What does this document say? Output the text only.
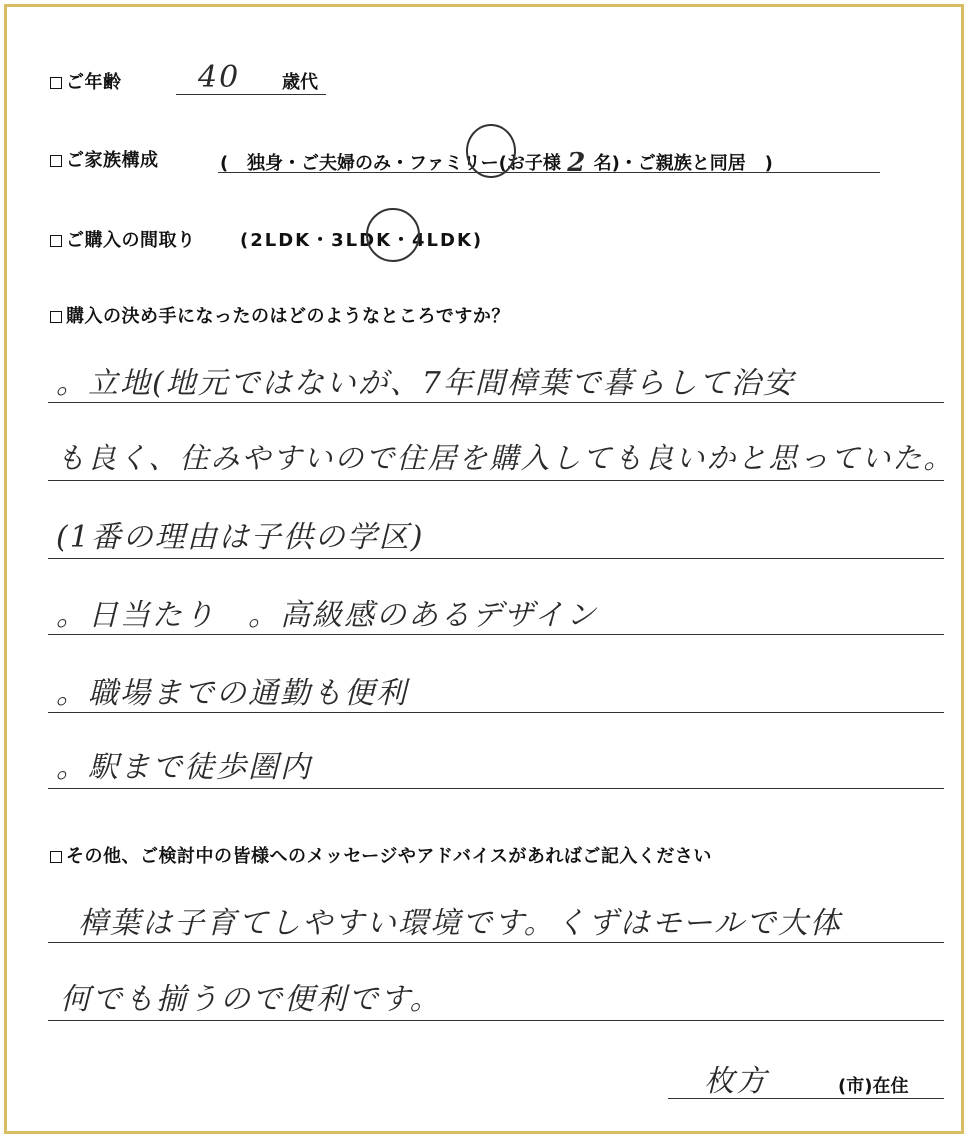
ご年齢	40 歳代
ご家族構成	( 独身・ご夫婦のみ・ファミリー(お子様 2 名)・ご親族と同居 )
ご購入の間取り (2LDK・3LDK・4LDK)
購入の決め手になったのはどのようなところですか？
。立地(地元ではないが、7年間樟葉で暮らして治安
も良く、住みやすいので住居を購入しても良いかと思っていた。
(1番の理由は子供の学区)
。日当たり　。高級感のあるデザイン
。職場までの通勤も便利
。駅まで徒歩圏内
その他、ご検討中の皆様へのメッセージやアドバイスがあればご記入ください
樟葉は子育てしやすい環境です。くずはモールで大体
何でも揃うので便利です。
枚方	(市)在住
